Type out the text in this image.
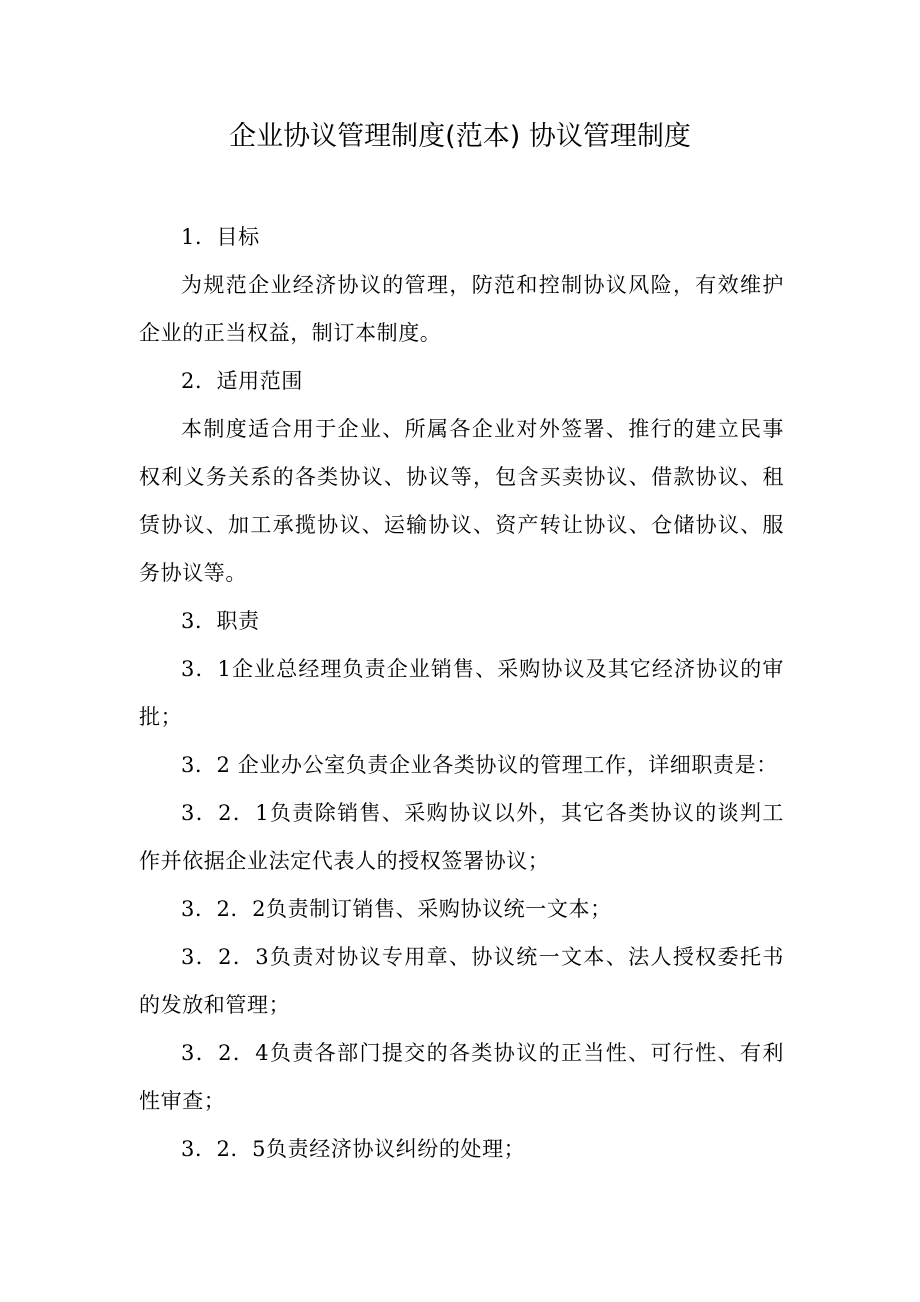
企业协议管理制度(范本) 协议管理制度

1．目标

为规范企业经济协议的管理，防范和控制协议风险，有效维护企业的正当权益，制订本制度。

2．适用范围

本制度适合用于企业、所属各企业对外签署、推行的建立民事权利义务关系的各类协议、协议等，包含买卖协议、借款协议、租赁协议、加工承揽协议、运输协议、资产转让协议、仓储协议、服务协议等。

3．职责

3．1企业总经理负责企业销售、采购协议及其它经济协议的审批；

3．2 企业办公室负责企业各类协议的管理工作，详细职责是：

3．2．1负责除销售、采购协议以外，其它各类协议的谈判工作并依据企业法定代表人的授权签署协议；

3．2．2负责制订销售、采购协议统一文本；

3．2．3负责对协议专用章、协议统一文本、法人授权委托书的发放和管理；

3．2．4负责各部门提交的各类协议的正当性、可行性、有利性审查；

3．2．5负责经济协议纠纷的处理；
